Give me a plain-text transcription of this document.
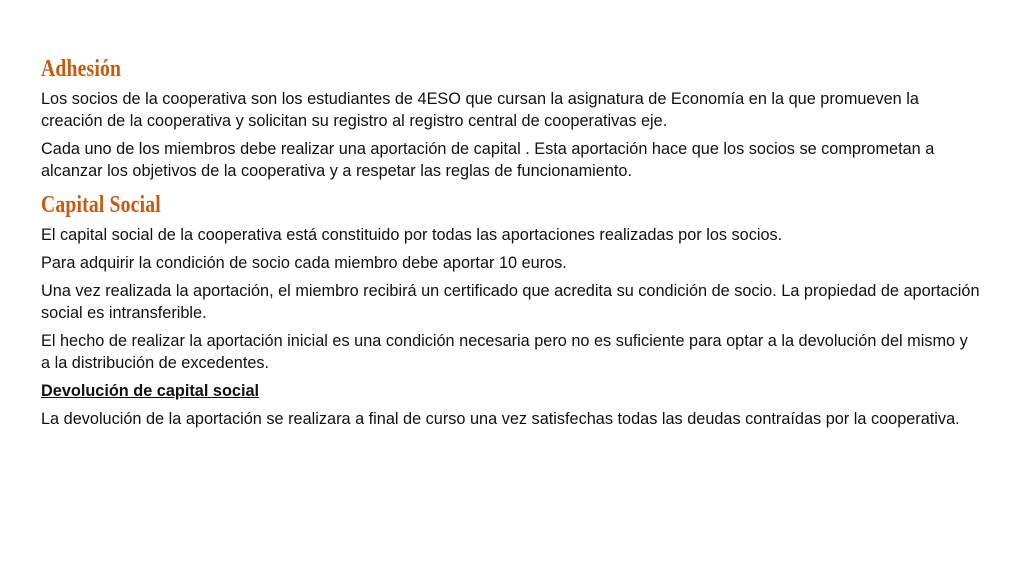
Adhesión

Los socios de la cooperativa son los estudiantes de 4ESO que cursan la asignatura de Economía en la que promueven la creación de la cooperativa y solicitan su registro al registro central de cooperativas eje.

Cada uno de los miembros debe realizar una aportación de capital . Esta aportación hace que los socios se comprometan a alcanzar los objetivos de la cooperativa y a respetar las reglas de funcionamiento.

Capital Social

El capital social de la cooperativa está constituido por todas las aportaciones realizadas por los socios.

Para adquirir la condición de socio cada miembro debe aportar 10 euros.

Una vez realizada la aportación, el miembro recibirá un certificado que acredita su condición de socio. La propiedad de aportación social es intransferible.

El hecho de realizar la aportación inicial es una condición necesaria pero no es suficiente para optar a la devolución del mismo y a la distribución de excedentes.

Devolución de capital social

La devolución de la aportación se realizara a final de curso una vez satisfechas todas las deudas contraídas por la cooperativa.
